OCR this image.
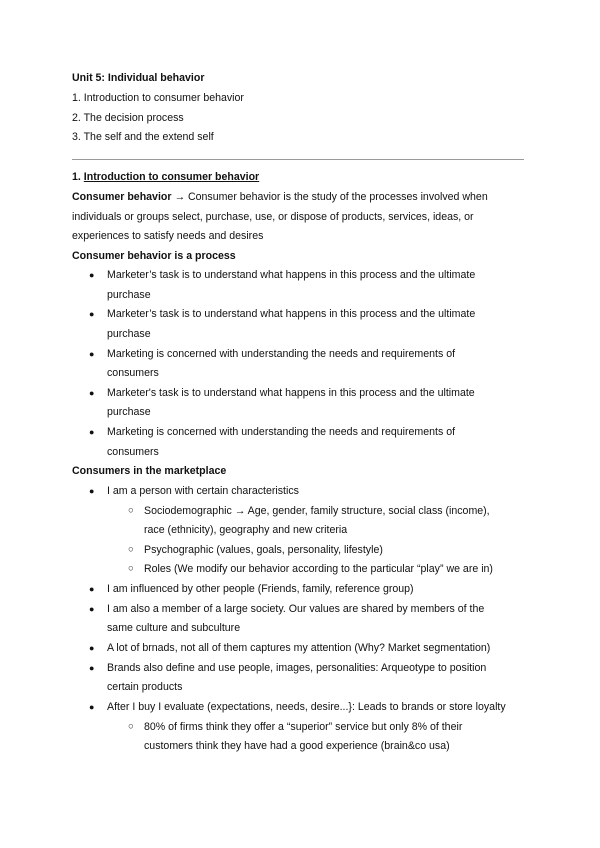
Unit 5: Individual behavior
1. Introduction to consumer behavior
2. The decision process
3. The self and the extend self
1. Introduction to consumer behavior
Consumer behavior → Consumer behavior is the study of the processes involved when
individuals or groups select, purchase, use, or dispose of products, services, ideas, or
experiences to satisfy needs and desires
Consumer behavior is a process
● Marketer’s task is to understand what happens in this process and the ultimate
purchase
● Marketer’s task is to understand what happens in this process and the ultimate
purchase
● Marketing is concerned with understanding the needs and requirements of
consumers
● Marketer's task is to understand what happens in this process and the ultimate
purchase
● Marketing is concerned with understanding the needs and requirements of
consumers
Consumers in the marketplace
● I am a person with certain characteristics
○ Sociodemographic → Age, gender, family structure, social class (income),
race (ethnicity), geography and new criteria
○ Psychographic (values, goals, personality, lifestyle)
○ Roles (We modify our behavior according to the particular “play” we are in)
● I am influenced by other people (Friends, family, reference group)
● I am also a member of a large society. Our values are shared by members of the
same culture and subculture
● A lot of brnads, not all of them captures my attention (Why? Market segmentation)
● Brands also define and use people, images, personalities: Arqueotype to position
certain products
● After I buy I evaluate (expectations, needs, desire...}: Leads to brands or store loyalty
○ 80% of firms think they offer a “superior” service but only 8% of their
customers think they have had a good experience (brain&co usa)
